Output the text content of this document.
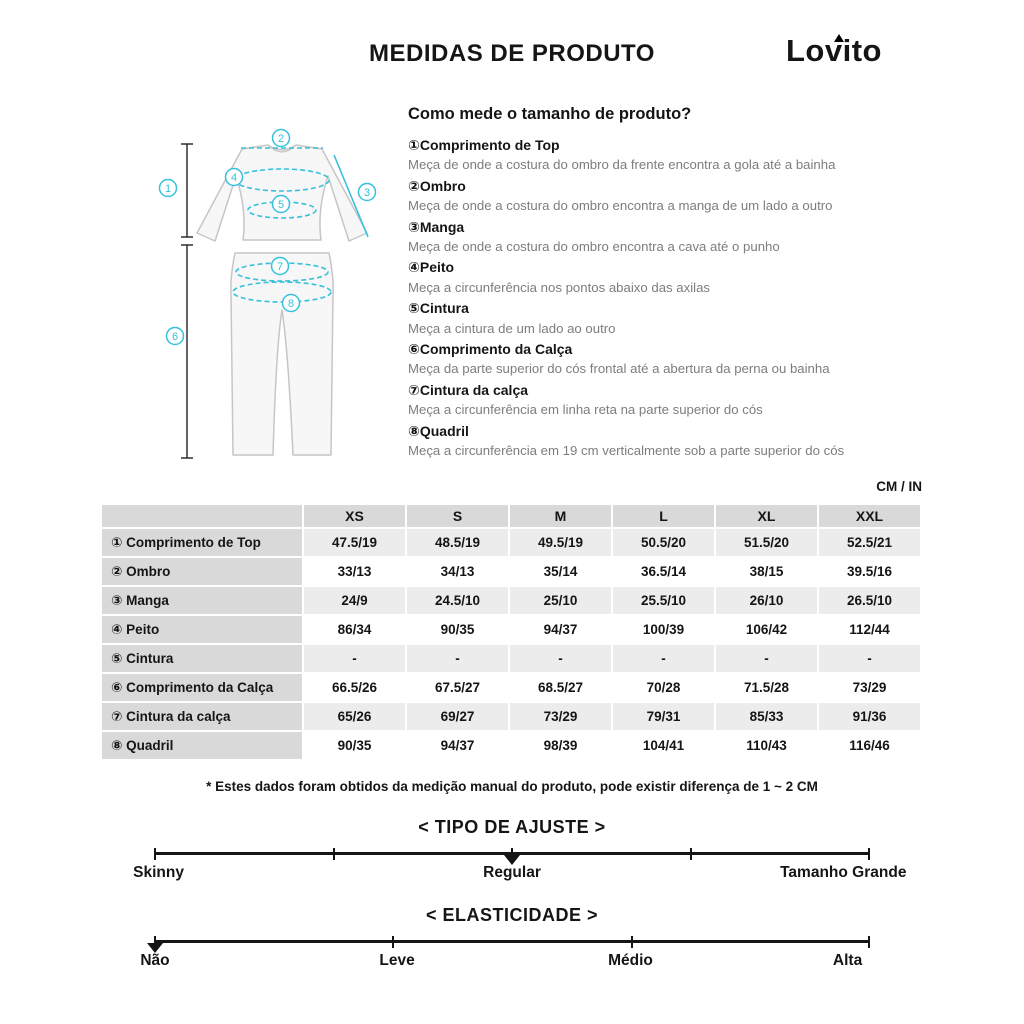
MEDIDAS DE PRODUTO	Lovito
1
2
3
4
5
6
7
8
Como mede o tamanho de produto?
①Comprimento de Top
Meça de onde a costura do ombro da frente encontra a gola até a bainha
②Ombro
Meça de onde a costura do ombro encontra a manga de um lado a outro
③Manga
Meça de onde a costura do ombro encontra a cava até o punho
④Peito
Meça a circunferência nos pontos abaixo das axilas
⑤Cintura
Meça a cintura de um lado ao outro
⑥Comprimento da Calça
Meça da parte superior do cós frontal até a abertura da perna ou bainha
⑦Cintura da calça
Meça a circunferência em linha reta na parte superior do cós
⑧Quadril
Meça a circunferência em 19 cm verticalmente sob a parte superior do cós
CM / IN
	XS	S	M	L	XL	XXL
① Comprimento de Top	47.5/19	48.5/19	49.5/19	50.5/20	51.5/20	52.5/21
② Ombro	33/13	34/13	35/14	36.5/14	38/15	39.5/16
③ Manga	24/9	24.5/10	25/10	25.5/10	26/10	26.5/10
④ Peito	86/34	90/35	94/37	100/39	106/42	112/44
⑤ Cintura	-	-	-	-	-	-
⑥ Comprimento da Calça	66.5/26	67.5/27	68.5/27	70/28	71.5/28	73/29
⑦ Cintura da calça	65/26	69/27	73/29	79/31	85/33	91/36
⑧ Quadril	90/35	94/37	98/39	104/41	110/43	116/46
* Estes dados foram obtidos da medição manual do produto, pode existir diferença de 1 ~ 2 CM
< TIPO DE AJUSTE >
Skinny	Regular	Tamanho Grande
< ELASTICIDADE >
Não	Leve	Médio	Alta
